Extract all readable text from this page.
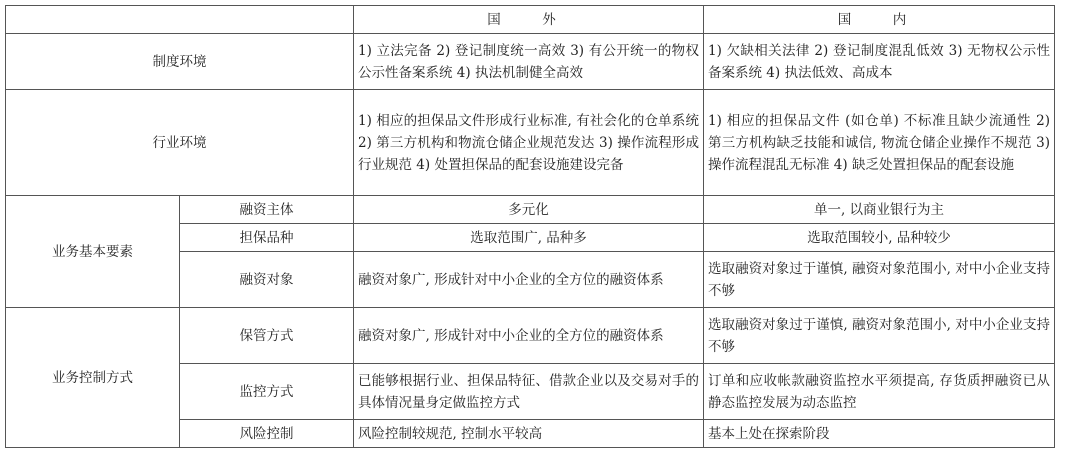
		国　外	国　内
制度环境		1) 立法完备 2) 登记制度统一高效 3) 有公开统一的物权公示性备案系统 4) 执法机制健全高效	1) 欠缺相关法律 2) 登记制度混乱低效 3) 无物权公示性备案系统 4) 执法低效、高成本
行业环境		1) 相应的担保品文件形成行业标准, 有社会化的仓单系统 2) 第三方机构和物流仓储企业规范发达 3) 操作流程形成行业规范 4) 处置担保品的配套设施建设完备	1) 相应的担保品文件 (如仓单) 不标准且缺少流通性 2) 第三方机构缺乏技能和诚信, 物流仓储企业操作不规范 3) 操作流程混乱无标准 4) 缺乏处置担保品的配套设施
业务基本要素	融资主体	多元化	单一, 以商业银行为主
	担保品种	选取范围广, 品种多	选取范围较小, 品种较少
	融资对象	融资对象广, 形成针对中小企业的全方位的融资体系	选取融资对象过于谨慎, 融资对象范围小, 对中小企业支持不够
业务控制方式	保管方式	融资对象广, 形成针对中小企业的全方位的融资体系	选取融资对象过于谨慎, 融资对象范围小, 对中小企业支持不够
	监控方式	已能够根据行业、担保品特征、借款企业以及交易对手的具体情况量身定做监控方式	订单和应收帐款融资监控水平须提高, 存货质押融资已从静态监控发展为动态监控
	风险控制	风险控制较规范, 控制水平较高	基本上处在探索阶段
